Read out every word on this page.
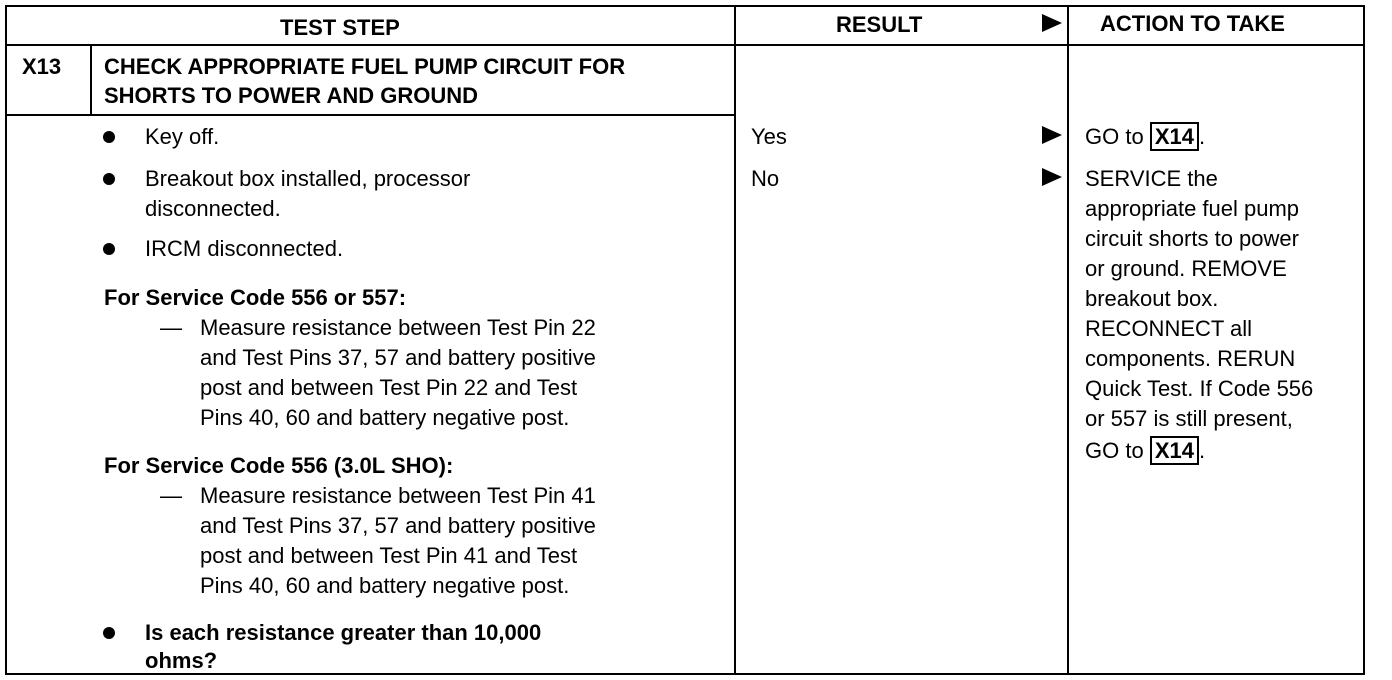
TEST STEP	RESULT	ACTION TO TAKE
X13 CHECK APPROPRIATE FUEL PUMP CIRCUIT FOR
SHORTS TO POWER AND GROUND
Key off.
Breakout box installed, processor
disconnected.
IRCM disconnected.
For Service Code 556 or 557:
— Measure resistance between Test Pin 22
and Test Pins 37, 57 and battery positive
post and between Test Pin 22 and Test
Pins 40, 60 and battery negative post.
For Service Code 556 (3.0L SHO):
— Measure resistance between Test Pin 41
and Test Pins 37, 57 and battery positive
post and between Test Pin 41 and Test
Pins 40, 60 and battery negative post.
Is each resistance greater than 10,000
ohms?
Yes
No
GO to X14 .
SERVICE the
appropriate fuel pump
circuit shorts to power
or ground. REMOVE
breakout box.
RECONNECT all
components. RERUN
Quick Test. If Code 556
or 557 is still present,
GO to X14 .
